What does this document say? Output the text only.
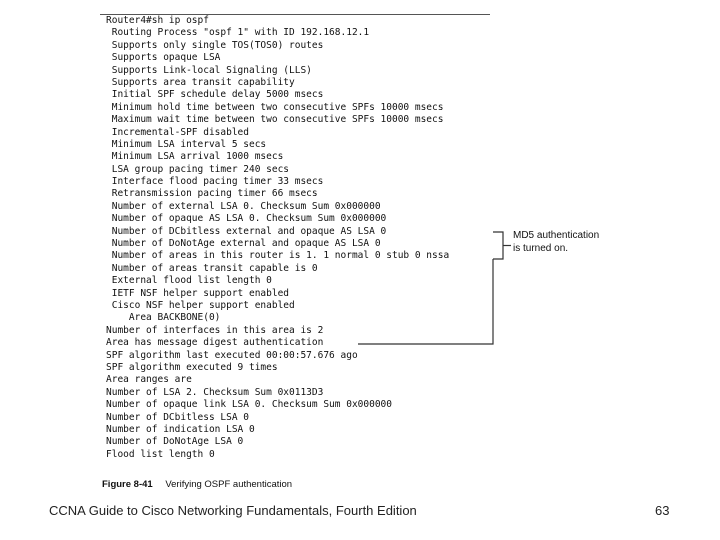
Router4#sh ip ospf
Routing Process "ospf 1" with ID 192.168.12.1
Supports only single TOS(TOS0) routes
Supports opaque LSA
Supports Link-local Signaling (LLS)
Supports area transit capability
Initial SPF schedule delay 5000 msecs
Minimum hold time between two consecutive SPFs 10000 msecs
Maximum wait time between two consecutive SPFs 10000 msecs
Incremental-SPF disabled
Minimum LSA interval 5 secs
Minimum LSA arrival 1000 msecs
LSA group pacing timer 240 secs
Interface flood pacing timer 33 msecs
Retransmission pacing timer 66 msecs
Number of external LSA 0. Checksum Sum 0x000000
Number of opaque AS LSA 0. Checksum Sum 0x000000
Number of DCbitless external and opaque AS LSA 0
Number of DoNotAge external and opaque AS LSA 0
Number of areas in this router is 1. 1 normal 0 stub 0 nssa
Number of areas transit capable is 0
External flood list length 0
IETF NSF helper support enabled
Cisco NSF helper support enabled
Area BACKBONE(0)
Number of interfaces in this area is 2
Area has message digest authentication
SPF algorithm last executed 00:00:57.676 ago
SPF algorithm executed 9 times
Area ranges are
Number of LSA 2. Checksum Sum 0x0113D3
Number of opaque link LSA 0. Checksum Sum 0x000000
Number of DCbitless LSA 0
Number of indication LSA 0
Number of DoNotAge LSA 0
Flood list length 0
MD5 authentication
is turned on.
Figure 8-41 Verifying OSPF authentication
CCNA Guide to Cisco Networking Fundamentals, Fourth Edition	63
